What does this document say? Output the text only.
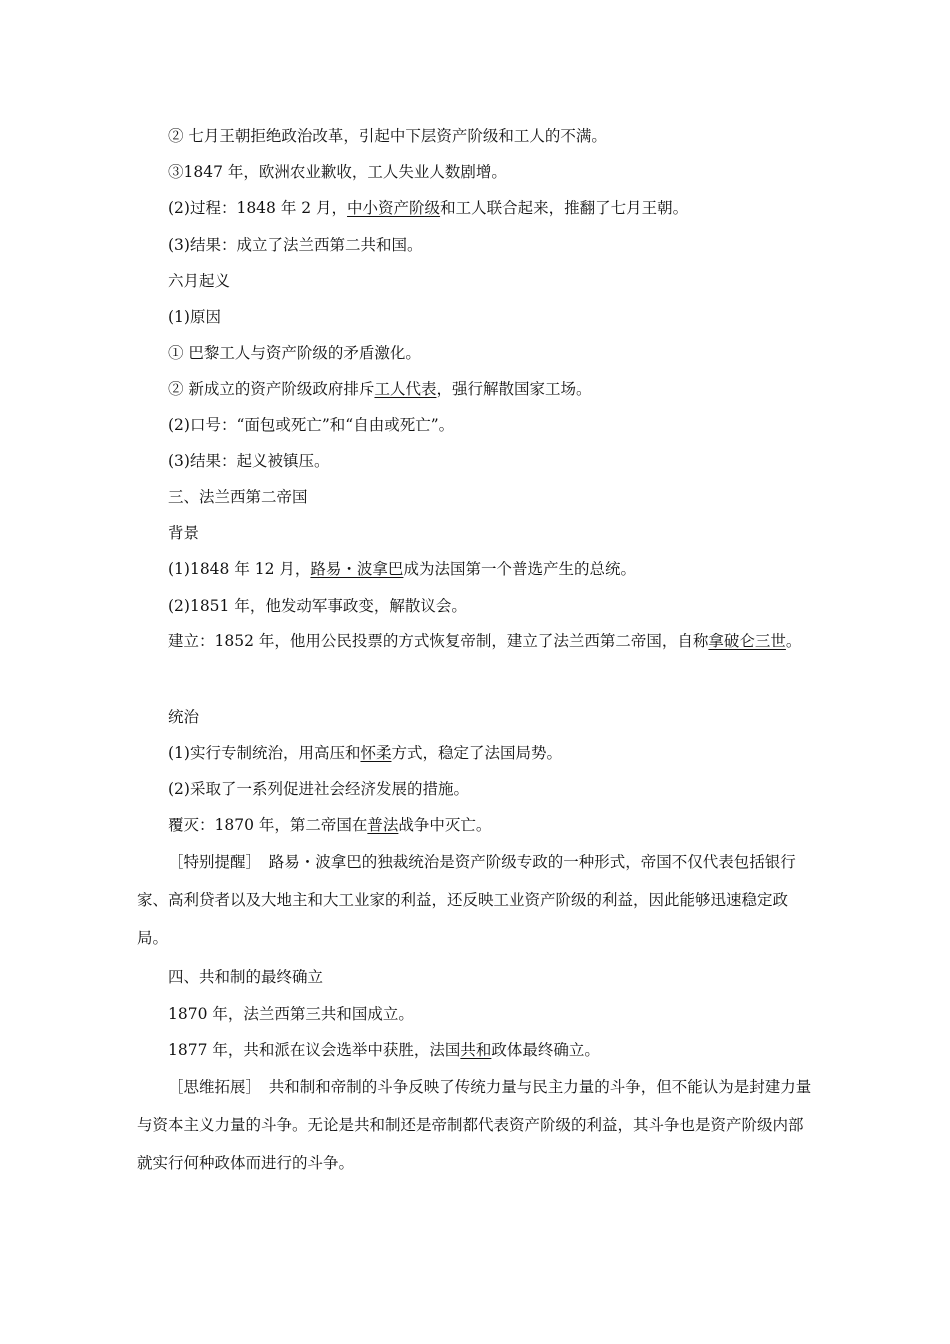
② 七月王朝拒绝政治改革，引起中下层资产阶级和工人的不满。
③1847 年，欧洲农业歉收，工人失业人数剧增。
(2)过程：1848 年 2 月，中小资产阶级和工人联合起来，推翻了七月王朝。
(3)结果：成立了法兰西第二共和国。
六月起义
(1)原因
① 巴黎工人与资产阶级的矛盾激化。
② 新成立的资产阶级政府排斥工人代表，强行解散国家工场。
(2)口号：“面包或死亡”和“自由或死亡”。
(3)结果：起义被镇压。
三、法兰西第二帝国
背景
(1)1848 年 12 月，路易・波拿巴成为法国第一个普选产生的总统。
(2)1851 年，他发动军事政变，解散议会。
建立：1852 年，他用公民投票的方式恢复帝制，建立了法兰西第二帝国，自称拿破仑三世。
统治
(1)实行专制统治，用高压和怀柔方式，稳定了法国局势。
(2)采取了一系列促进社会经济发展的措施。
覆灭：1870 年，第二帝国在普法战争中灭亡。
［特别提醒］　路易・波拿巴的独裁统治是资产阶级专政的一种形式，帝国不仅代表包括银行家、高利贷者以及大地主和大工业家的利益，还反映工业资产阶级的利益，因此能够迅速稳定政局。
四、共和制的最终确立
1870 年，法兰西第三共和国成立。
1877 年，共和派在议会选举中获胜，法国共和政体最终确立。
［思维拓展］　共和制和帝制的斗争反映了传统力量与民主力量的斗争，但不能认为是封建力量与资本主义力量的斗争。无论是共和制还是帝制都代表资产阶级的利益，其斗争也是资产阶级内部就实行何种政体而进行的斗争。
